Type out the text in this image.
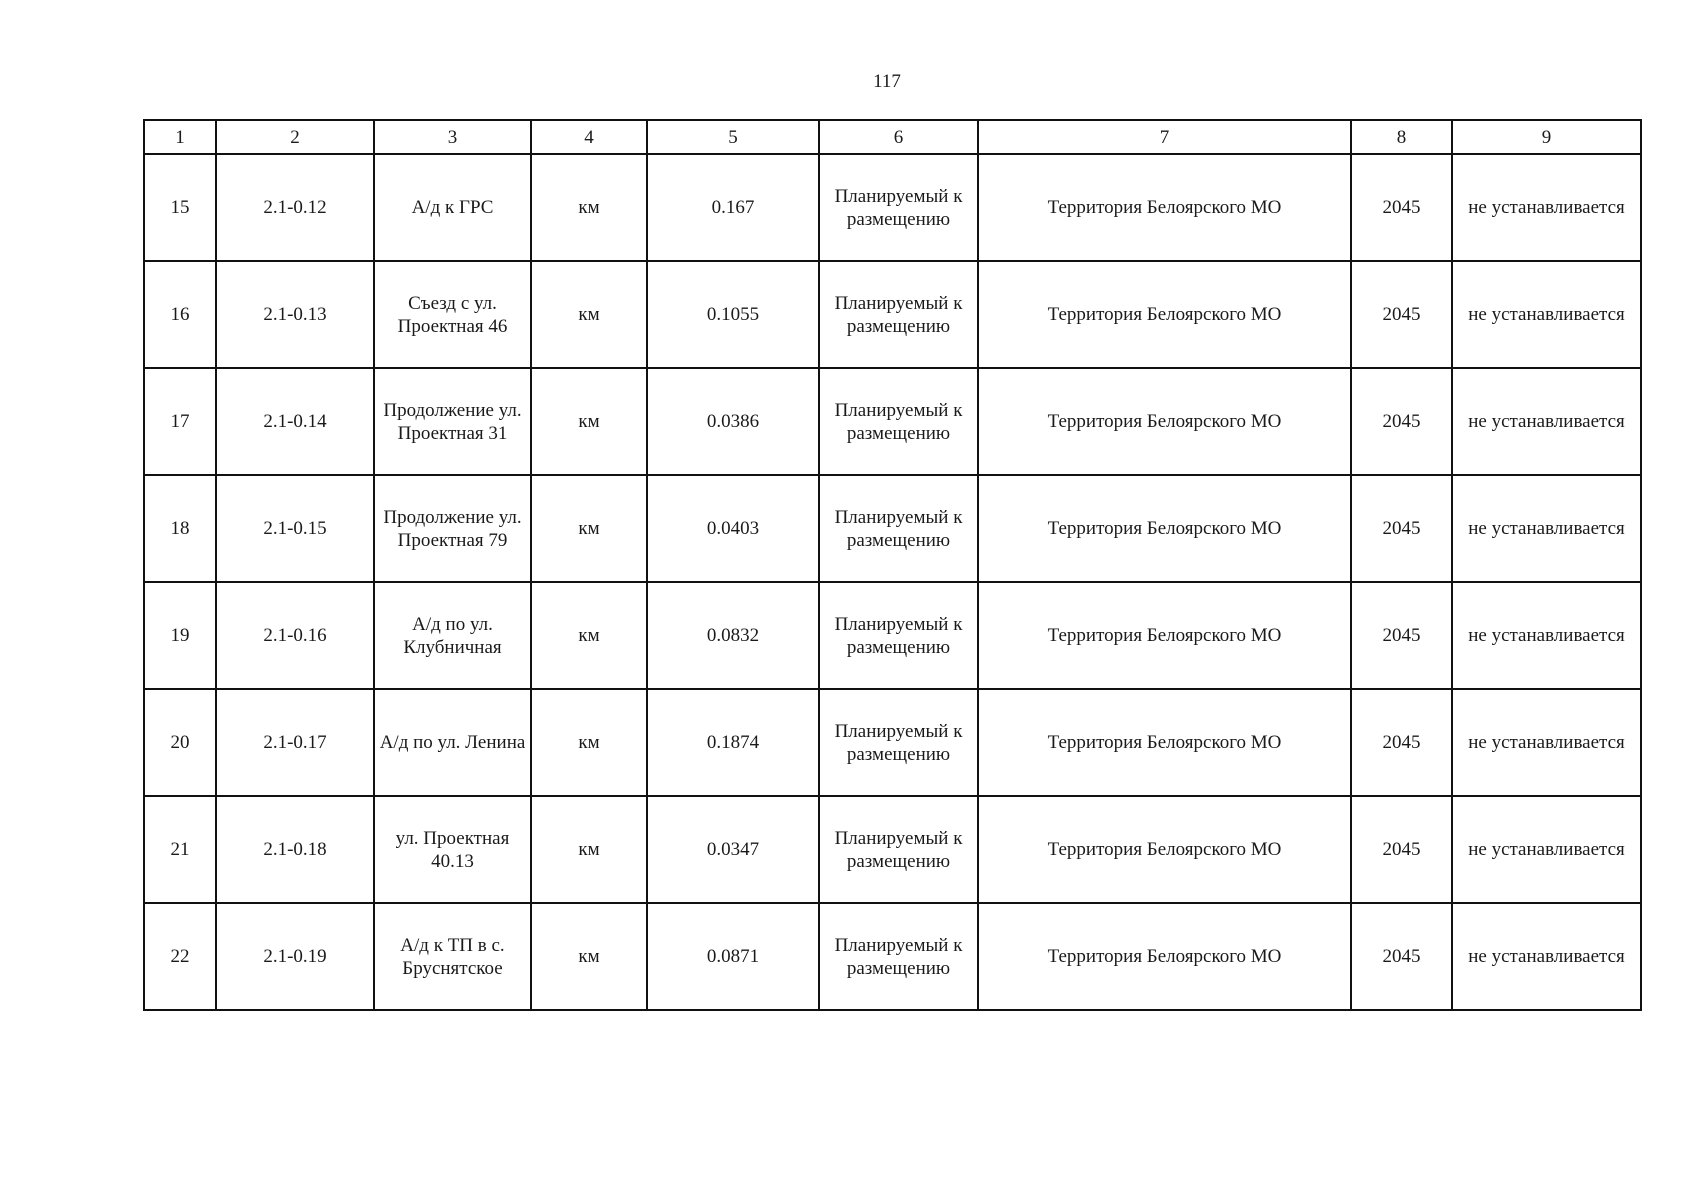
117
1	2	3	4	5	6	7	8	9
15	2.1-0.12	А/д к ГРС	км	0.167	Планируемый к размещению	Территория Белоярского МО	2045	не устанавливается
16	2.1-0.13	Съезд с ул. Проектная 46	км	0.1055	Планируемый к размещению	Территория Белоярского МО	2045	не устанавливается
17	2.1-0.14	Продолжение ул. Проектная 31	км	0.0386	Планируемый к размещению	Территория Белоярского МО	2045	не устанавливается
18	2.1-0.15	Продолжение ул. Проектная 79	км	0.0403	Планируемый к размещению	Территория Белоярского МО	2045	не устанавливается
19	2.1-0.16	А/д по ул. Клубничная	км	0.0832	Планируемый к размещению	Территория Белоярского МО	2045	не устанавливается
20	2.1-0.17	А/д по ул. Ленина	км	0.1874	Планируемый к размещению	Территория Белоярского МО	2045	не устанавливается
21	2.1-0.18	ул. Проектная 40.13	км	0.0347	Планируемый к размещению	Территория Белоярского МО	2045	не устанавливается
22	2.1-0.19	А/д к ТП в с. Бруснятское	км	0.0871	Планируемый к размещению	Территория Белоярского МО	2045	не устанавливается
